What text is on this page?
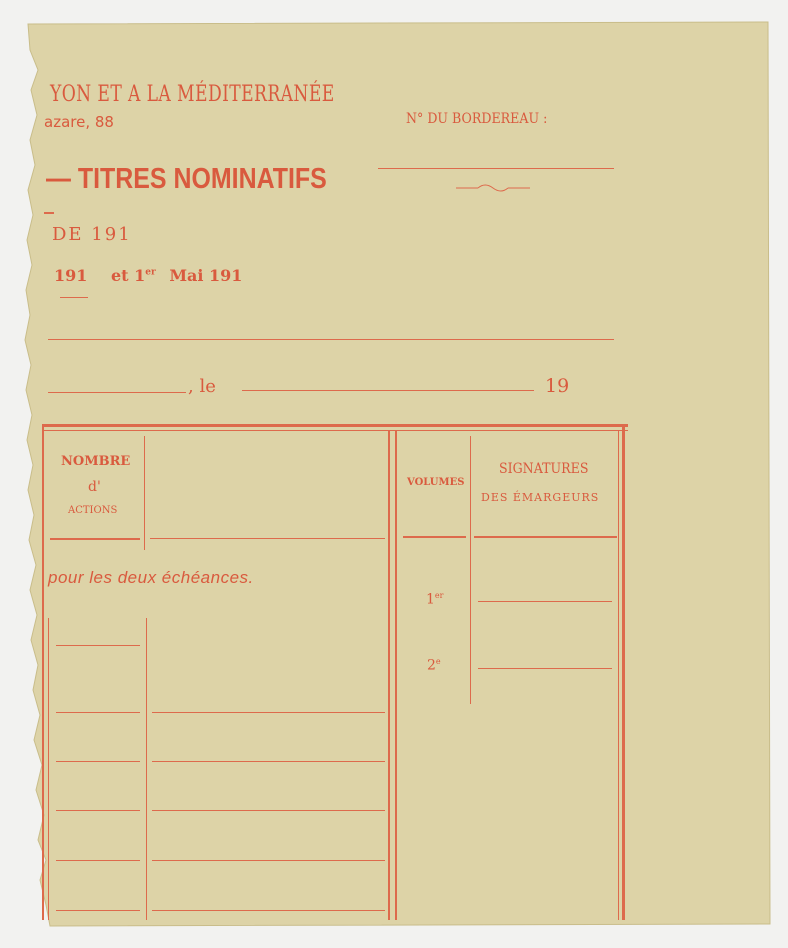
YON ET A LA MÉDITERRANÉE
azare, 88	N° DU BORDEREAU :
— TITRES NOMINATIFS
DE 191
191 et 1er Mai 191
, le	19
NOMBRE
d'
ACTIONS
VOLUMES
SIGNATURES
DES ÉMARGEURS
pour les deux échéances.
1er
2e
